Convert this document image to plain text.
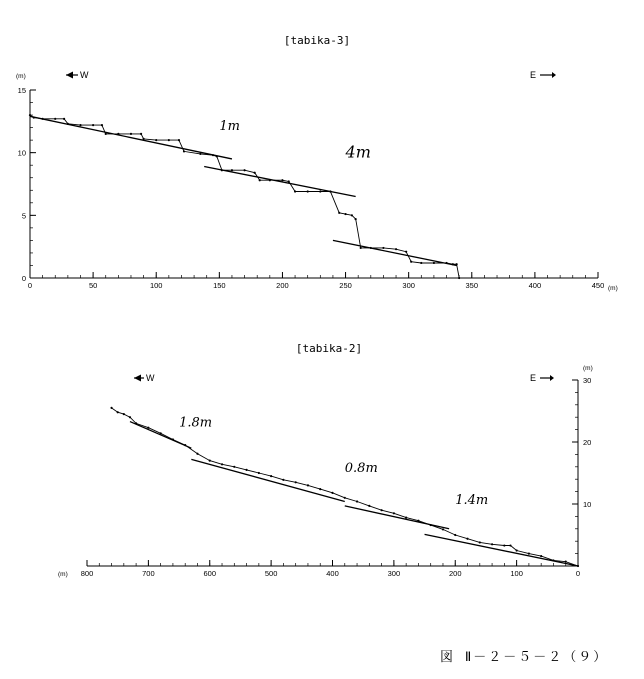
[tabika-3]
(m)
(m)
W	E
0	50	100	150	200	250	300	350	400	450
5
10
15
0
1m
4m
[tabika-2]
(m)
(m)
W	E
800	700	600	500	400	300	200	100	0
10
20
30
1.8m
0.8m
1.4m
図 Ⅱ－２－５－２（９）
